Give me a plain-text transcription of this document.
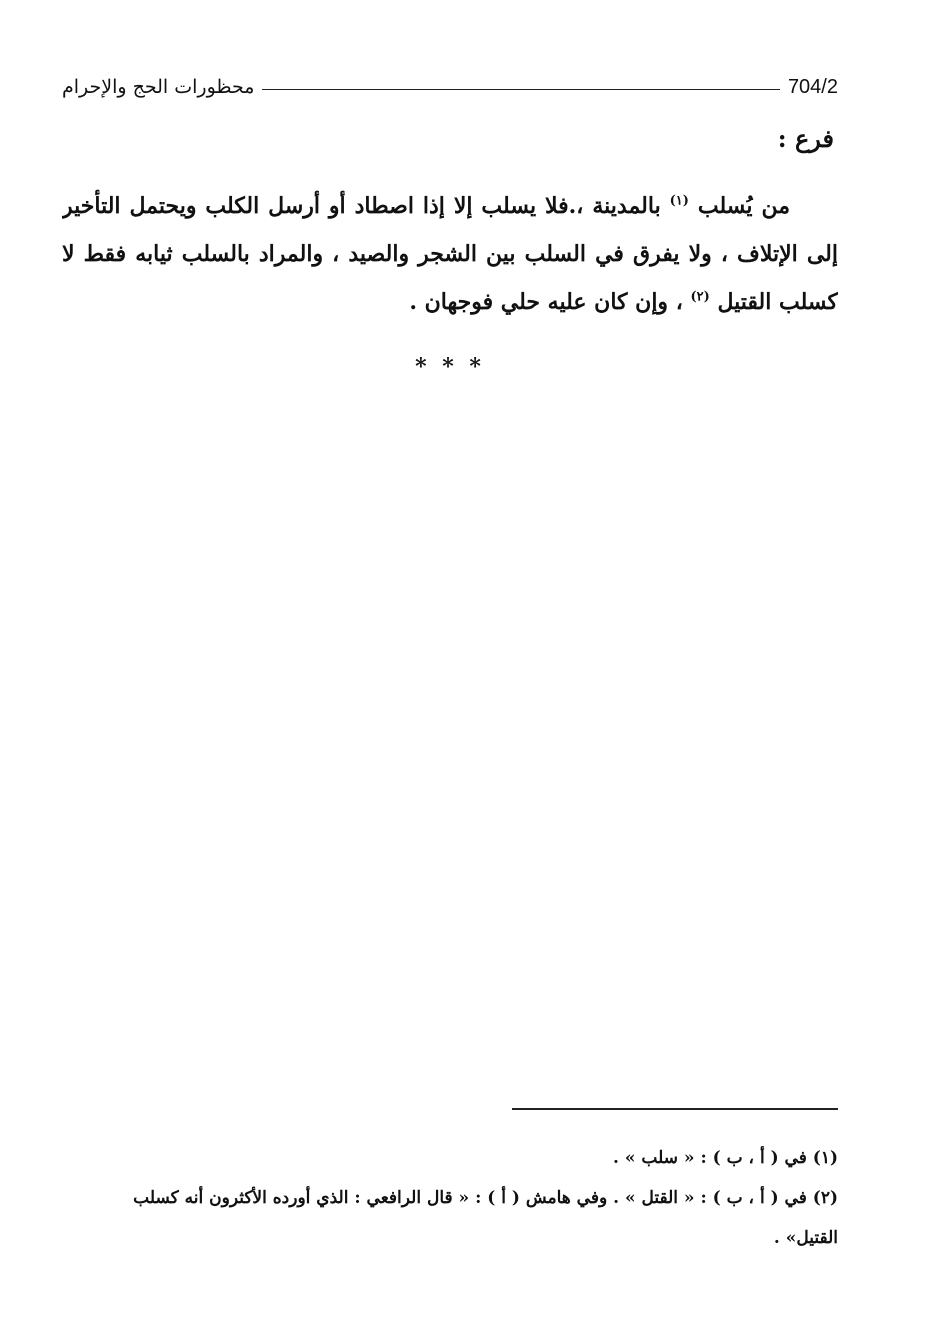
محظورات الحج والإحرام	704/2
فرع :
من يُسلب $^{(١)}$ بالمدينة ،.فلا يسلب إلا إذا اصطاد أو أرسل الكلب ويحتمل التأخير
إلى الإتلاف ، ولا يفرق في السلب بين الشجر والصيد ، والمراد بالسلب ثيابه فقط لا
كسلب القتيل $^{(٢)}$ ، وإن كان عليه حلي فوجهان .
* * *
(١) في ( أ ، ب ) : « سلب » .
(٢) في ( أ ، ب ) : « القتل » . وفي هامش ( أ ) : « قال الرافعي : الذي أورده الأكثرون أنه كسلب القتيل» .
